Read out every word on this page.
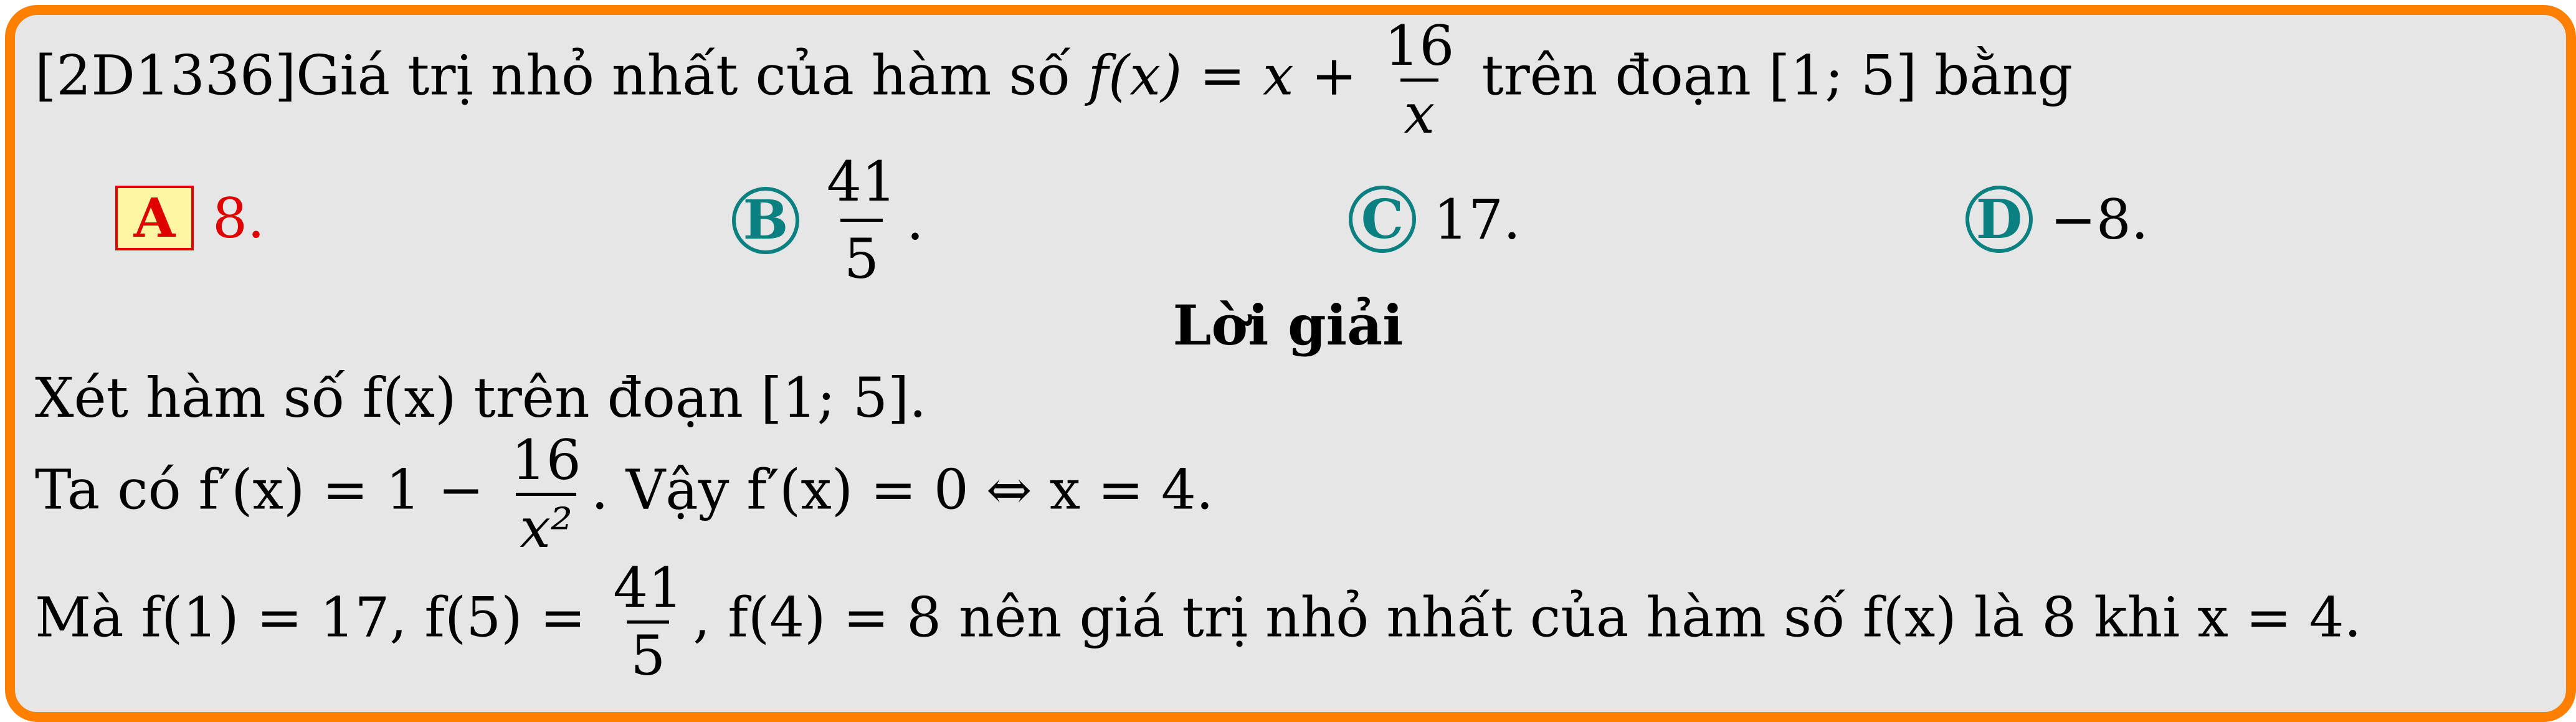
[2D1336]Giá trị nhỏ nhất của hàm số $f(x) = x + \frac{16}{x}$ trên đoạn [1; 5] bằng
A 8.	B $\frac{41}{5}$ .	C 17.	D −8.
Lời giải
Xét hàm số f(x) trên đoạn [1; 5].
Ta có $f'(x) = 1 - \frac{16}{\text{x²}}$ . Vậy f′(x) = 0 ⇔ x = 4.
Mà f(1) = 17, $f(5) = \frac{41}{5}$ , f(4) = 8 nên giá trị nhỏ nhất của hàm số f(x) là 8 khi x = 4.
